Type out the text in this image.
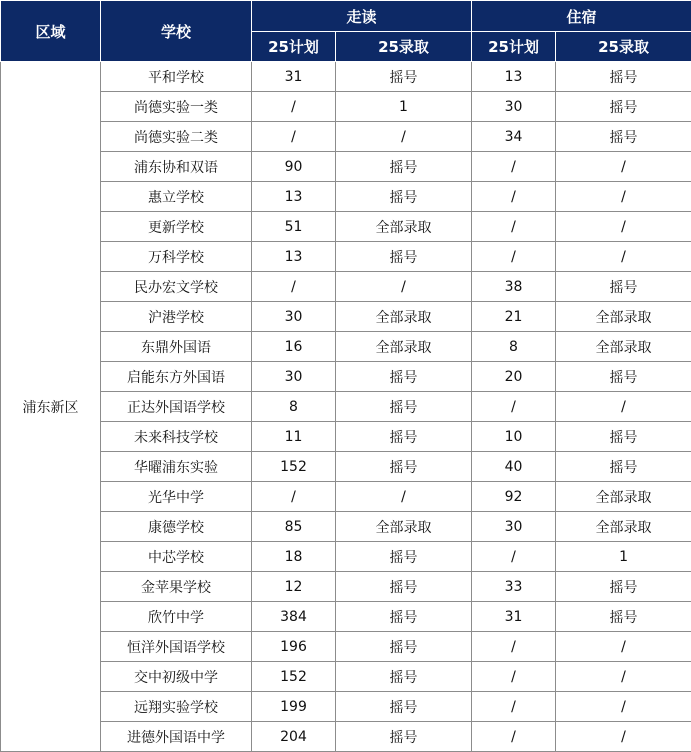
区域	学校	走读		住宿	
		25计划	25录取	25计划	25录取
浦东新区	平和学校	31	摇号	13	摇号
	尚德实验一类	/	1	30	摇号
	尚德实验二类	/	/	34	摇号
	浦东协和双语	90	摇号	/	/
	惠立学校	13	摇号	/	/
	更新学校	51	全部录取	/	/
	万科学校	13	摇号	/	/
	民办宏文学校	/	/	38	摇号
	沪港学校	30	全部录取	21	全部录取
	东鼎外国语	16	全部录取	8	全部录取
	启能东方外国语	30	摇号	20	摇号
	正达外国语学校	8	摇号	/	/
	未来科技学校	11	摇号	10	摇号
	华曜浦东实验	152	摇号	40	摇号
	光华中学	/	/	92	全部录取
	康德学校	85	全部录取	30	全部录取
	中芯学校	18	摇号	/	1
	金苹果学校	12	摇号	33	摇号
	欣竹中学	384	摇号	31	摇号
	恒洋外国语学校	196	摇号	/	/
	交中初级中学	152	摇号	/	/
	远翔实验学校	199	摇号	/	/
	进德外国语中学	204	摇号	/	/
